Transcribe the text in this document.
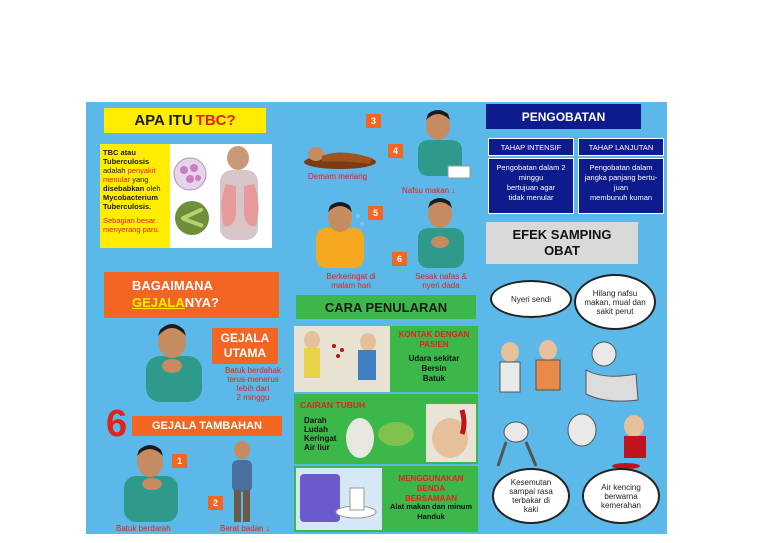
APA ITU TBC?
TBC atau
Tuberculosis
adalah penyakit
menular yang
disebabkan oleh
Mycobacterium
Tuberculosis.
Sebagian besar
menyerang paru.
BAGAIMANA
GEJALANYA?
GEJALA
UTAMA
Batuk berdahak
terus-menerus
lebih dari
2 minggu
6	GEJALA TAMBAHAN
1
Batuk berdarah
2
Berat badan ↓
3
Demam meriang
4
Nafsu makan ↓
5
Berkeringat di malam hari
6
Sesak nafas & nyeri dada
CARA PENULARAN
KONTAK DENGAN
PASIEN
Udara sekitar
Bersin
Batuk
CAIRAN TUBUH
Darah
Ludah
Keringat
Air liur
MENGGUNAKAN BENDA
BERSAMAAN
Alat makan dan minum
Handuk
PENGOBATAN
TAHAP INTENSIF	TAHAP LANJUTAN
Pengobatan dalam 2
minggu
bertujuan agar
tidak menular
Pengobatan dalam
jangka panjang bertu-
juan
membunuh kuman
EFEK SAMPING
OBAT
Nyeri sendi
Hilang nafsu makan, mual dan sakit perut
Kesemutan sampai rasa terbakar di kaki
Air kencing berwarna kemerahan
